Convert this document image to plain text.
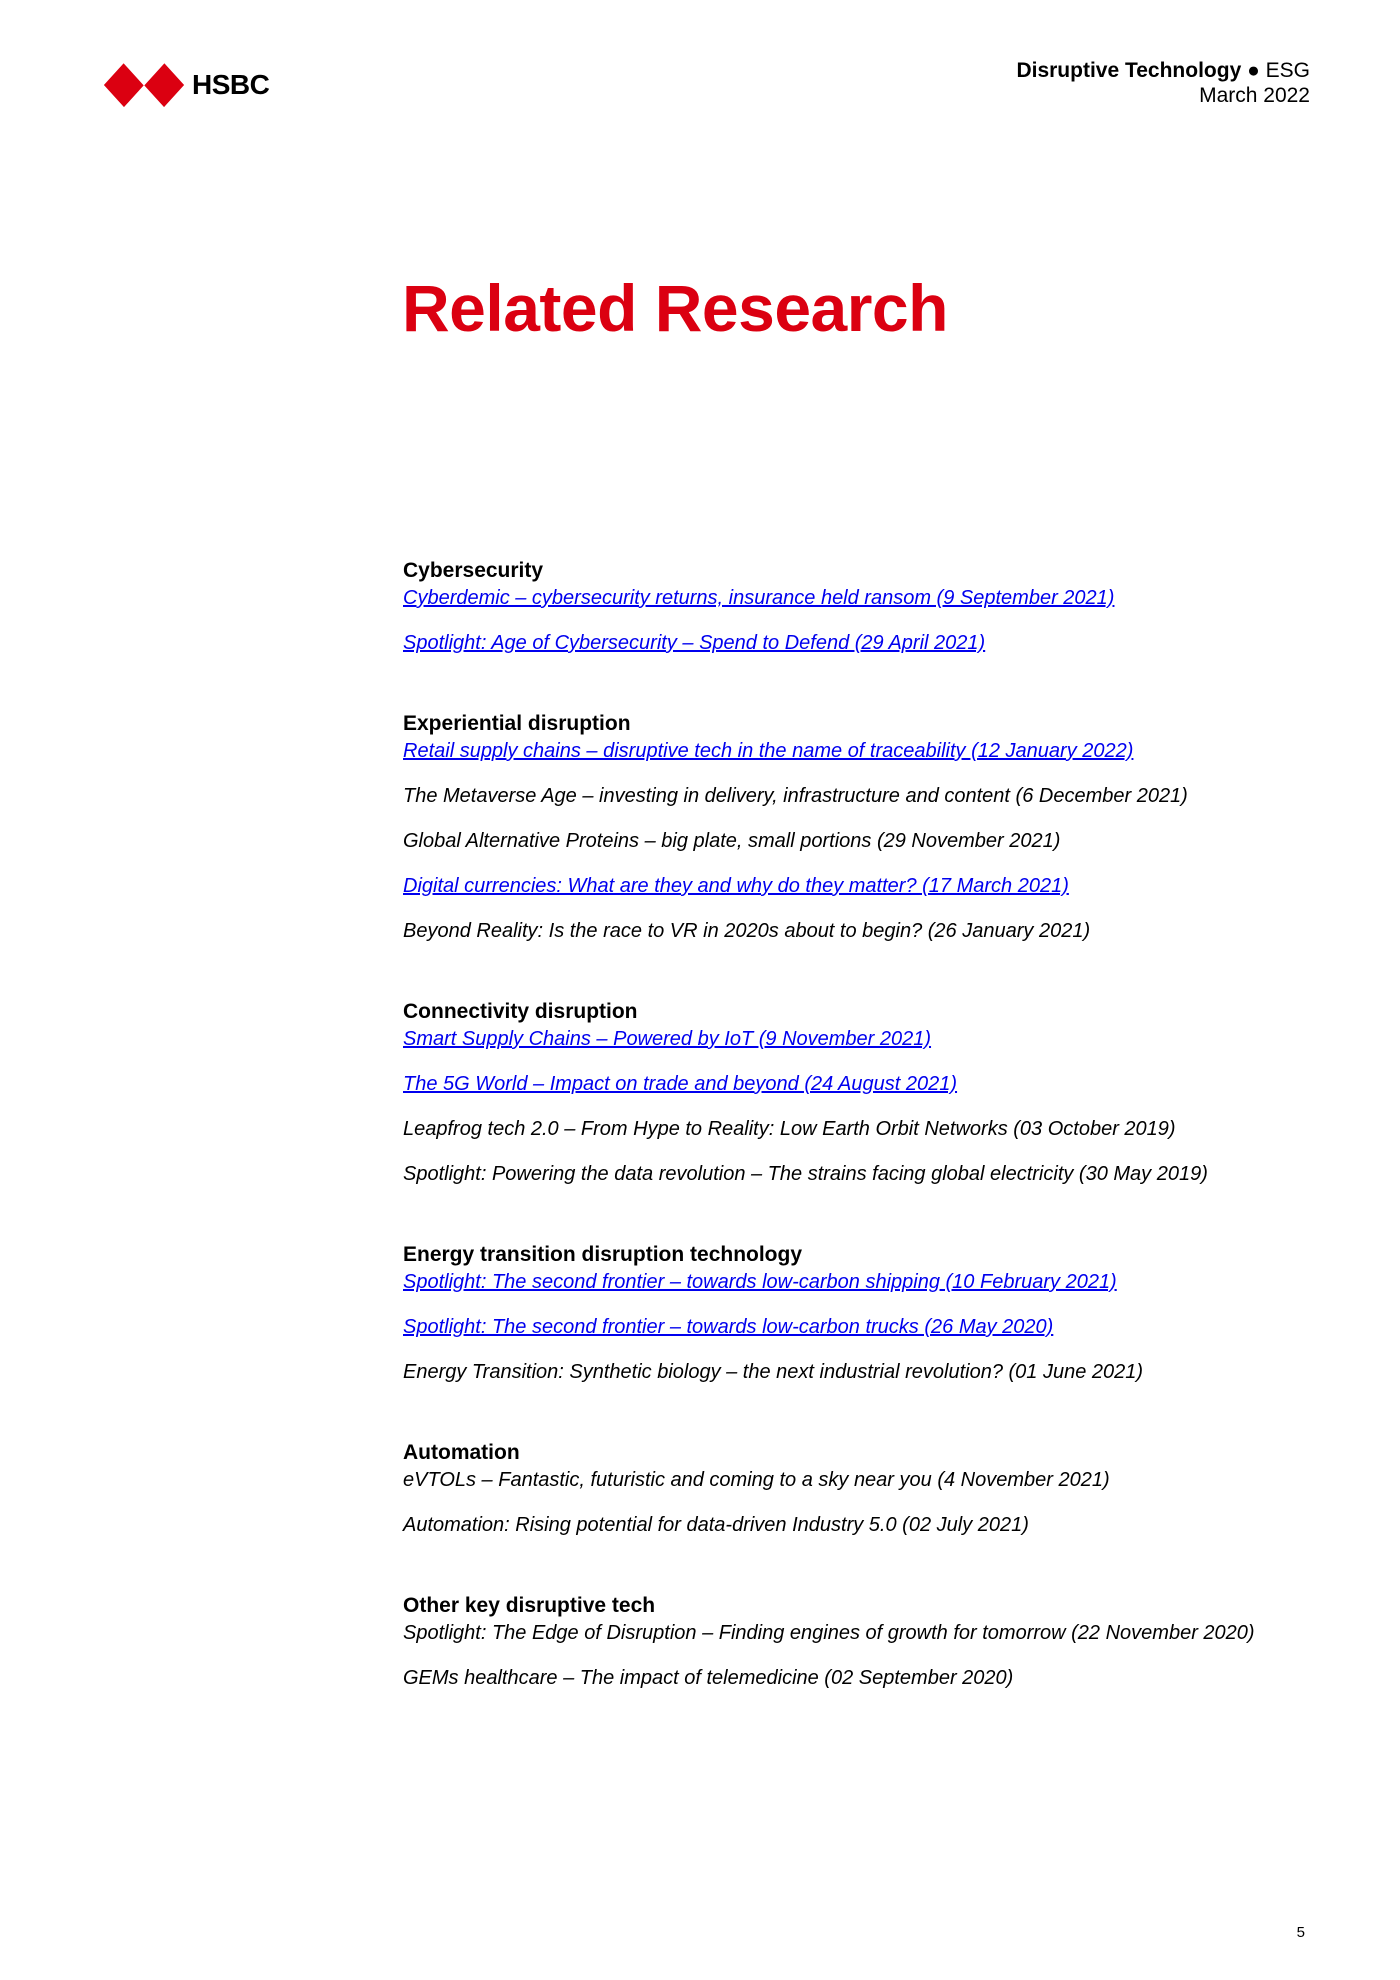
HSBC	Disruptive Technology ● ESG
March 2022
Related Research
Cybersecurity
Cyberdemic – cybersecurity returns, insurance held ransom (9 September 2021)
Spotlight: Age of Cybersecurity – Spend to Defend (29 April 2021)
Experiential disruption
Retail supply chains – disruptive tech in the name of traceability (12 January 2022)
The Metaverse Age – investing in delivery, infrastructure and content (6 December 2021)
Global Alternative Proteins – big plate, small portions (29 November 2021)
Digital currencies: What are they and why do they matter? (17 March 2021)
Beyond Reality: Is the race to VR in 2020s about to begin? (26 January 2021)
Connectivity disruption
Smart Supply Chains – Powered by IoT (9 November 2021)
The 5G World – Impact on trade and beyond (24 August 2021)
Leapfrog tech 2.0 – From Hype to Reality: Low Earth Orbit Networks (03 October 2019)
Spotlight: Powering the data revolution – The strains facing global electricity (30 May 2019)
Energy transition disruption technology
Spotlight: The second frontier – towards low-carbon shipping (10 February 2021)
Spotlight: The second frontier – towards low-carbon trucks (26 May 2020)
Energy Transition: Synthetic biology – the next industrial revolution? (01 June 2021)
Automation
eVTOLs – Fantastic, futuristic and coming to a sky near you (4 November 2021)
Automation: Rising potential for data-driven Industry 5.0 (02 July 2021)
Other key disruptive tech
Spotlight: The Edge of Disruption – Finding engines of growth for tomorrow (22 November 2020)
GEMs healthcare – The impact of telemedicine (02 September 2020)
5
